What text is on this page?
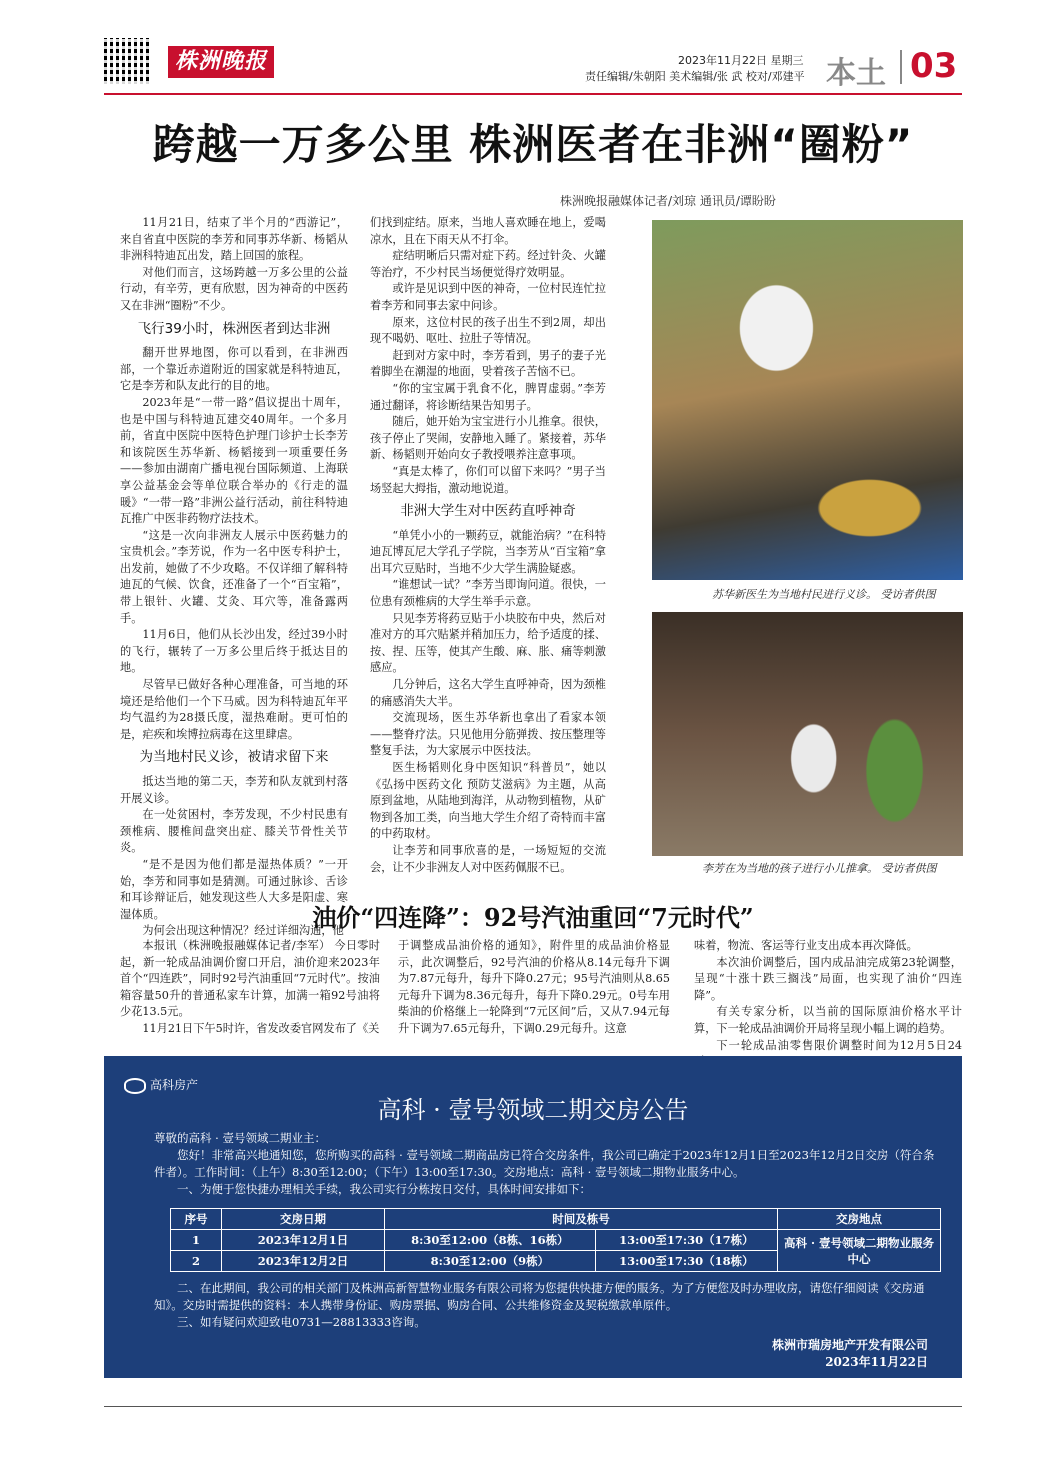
株洲晚报	2023年11月22日 星期三
责任编辑/朱朝阳 美术编辑/张 武 校对/邓建平 本土 03
跨越一万多公里 株洲医者在非洲“圈粉”
株洲晚报融媒体记者/刘琼 通讯员/谭盼盼

11月21日，结束了半个月的“西游记”，来自省直中医院的李芳和同事苏华新、杨韬从非洲科特迪瓦出发，踏上回国的旅程。

对他们而言，这场跨越一万多公里的公益行动，有辛劳，更有欣慰，因为神奇的中医药又在非洲“圈粉”不少。

飞行39小时，株洲医者到达非洲

翻开世界地图，你可以看到，在非洲西部，一个靠近赤道附近的国家就是科特迪瓦，它是李芳和队友此行的目的地。

2023年是“一带一路”倡议提出十周年，也是中国与科特迪瓦建交40周年。一个多月前，省直中医院中医特色护理门诊护士长李芳和该院医生苏华新、杨韬接到一项重要任务——参加由湖南广播电视台国际频道、上海联享公益基金会等单位联合举办的《行走的温暖》“一带一路”非洲公益行活动，前往科特迪瓦推广中医非药物疗法技术。

“这是一次向非洲友人展示中医药魅力的宝贵机会。”李芳说，作为一名中医专科护士，出发前，她做了不少攻略。不仅详细了解科特迪瓦的气候、饮食，还准备了一个“百宝箱”，带上银针、火罐、艾灸、耳穴等，准备露两手。

11月6日，他们从长沙出发，经过39小时的飞行，辗转了一万多公里后终于抵达目的地。

尽管早已做好各种心理准备，可当地的环境还是给他们一个下马威。因为科特迪瓦年平均气温约为28摄氏度，湿热难耐。更可怕的是，疟疾和埃博拉病毒在这里肆虐。

为当地村民义诊，被请求留下来

抵达当地的第二天，李芳和队友就到村落开展义诊。

在一处贫困村，李芳发现，不少村民患有颈椎病、腰椎间盘突出症、膝关节骨性关节炎。

“是不是因为他们都是湿热体质？”一开始，李芳和同事如是猜测。可通过脉诊、舌诊和耳诊辩证后，她发现这些人大多是阳虚、寒湿体质。

为何会出现这种情况？经过详细沟通，他

们找到症结。原来，当地人喜欢睡在地上，爱喝凉水，且在下雨天从不打伞。

症结明晰后只需对症下药。经过针灸、火罐等治疗，不少村民当场便觉得疗效明显。

或许是见识到中医的神奇，一位村民连忙拉着李芳和同事去家中问诊。

原来，这位村民的孩子出生不到2周，却出现不喝奶、呕吐、拉肚子等情况。

赶到对方家中时，李芳看到，男子的妻子光着脚坐在潮湿的地面，맞着孩子苦恼不已。

“你的宝宝属于乳食不化，脾胃虚弱。”李芳通过翻译，将诊断结果告知男子。

随后，她开始为宝宝进行小儿推拿。很快，孩子停止了哭闹，安静地入睡了。紧接着，苏华新、杨韬则开始向女子教授喂养注意事项。

“真是太棒了，你们可以留下来吗？”男子当场竖起大拇指，激动地说道。

非洲大学生对中医药直呼神奇

“单凭小小的一颗药豆，就能治病？”在科特迪瓦博瓦尼大学孔子学院，当李芳从“百宝箱”拿出耳穴豆贴时，当地不少大学生满脸疑惑。

“谁想试一试？”李芳当即询问道。很快，一位患有颈椎病的大学生举手示意。

只见李芳将药豆贴于小块胶布中央，然后对准对方的耳穴贴紧并稍加压力，给予适度的揉、按、捏、压等，使其产生酸、麻、胀、痛等刺激感应。

几分钟后，这名大学生直呼神奇，因为颈椎的痛感消失大半。

交流现场，医生苏华新也拿出了看家本领——整脊疗法。只见他用分筋弹拨、按压整理等整复手法，为大家展示中医技法。

医生杨韬则化身中医知识“科普员”，她以《弘扬中医药文化 预防艾滋病》为主题，从高原到盆地，从陆地到海洋，从动物到植物，从矿物到各加工类，向当地大学生介绍了奇特而丰富的中药取材。

让李芳和同事欣喜的是，一场短短的交流会，让不少非洲友人对中医药佩服不已。

苏华新医生为当地村民进行义诊。 受访者供图
李芳在为当地的孩子进行小儿推拿。 受访者供图
油价“四连降”：92号汽油重回“7元时代”

本报讯（株洲晚报融媒体记者/李军） 今日零时起，新一轮成品油调价窗口开启，油价迎来2023年首个“四连跌”，同时92号汽油重回“7元时代”。按油箱容量50升的普通私家车计算，加满一箱92号油将少花13.5元。

11月21日下午5时许，省发改委官网发布了《关

于调整成品油价格的通知》，附件里的成品油价格显示，此次调整后，92号汽油的价格从8.14元每升下调为7.87元每升，每升下降0.27元；95号汽油则从8.65元每升下调为8.36元每升，每升下降0.29元。0号车用柴油的价格继上一轮降到“7元区间”后，又从7.94元每升下调为7.65元每升，下调0.29元每升。这意

味着，物流、客运等行业支出成本再次降低。

本次油价调整后，国内成品油完成第23轮调整，呈现“十涨十跌三搁浅”局面，也实现了油价“四连降”。

有关专家分析，以当前的国际原油价格水平计算，下一轮成品油调价开局将呈现小幅上调的趋势。

下一轮成品油零售限价调整时间为12月5日24

高科房产
高科 · 壹号领域二期交房公告

尊敬的高科 · 壹号领域二期业主：

您好！非常高兴地通知您，您所购买的高科 · 壹号领域二期商品房已符合交房条件，我公司已确定于2023年12月1日至2023年12月2日交房（符合条件者）。工作时间：（上午）8:30至12:00；（下午）13:00至17:30。交房地点：高科 · 壹号领域二期物业服务中心。

一、为便于您快捷办理相关手续，我公司实行分栋按日交付，具体时间安排如下：

序号	交房日期	时间及栋号		交房地点
1	2023年12月1日	8:30至12:00（8栋、16栋）	13:00至17:30（17栋）	高科 · 壹号领域二期物业服务中心
2	2023年12月2日	8:30至12:00（9栋）	13:00至17:30（18栋）	

二、在此期间，我公司的相关部门及株洲高新智慧物业服务有限公司将为您提供快捷方便的服务。为了方便您及时办理收房，请您仔细阅读《交房通知》。交房时需提供的资料：本人携带身份证、购房票据、购房合同、公共维修资金及契税缴款单原件。

三、如有疑问欢迎致电0731—28813333咨询。

株洲市瑞房地产开发有限公司
2023年11月22日
